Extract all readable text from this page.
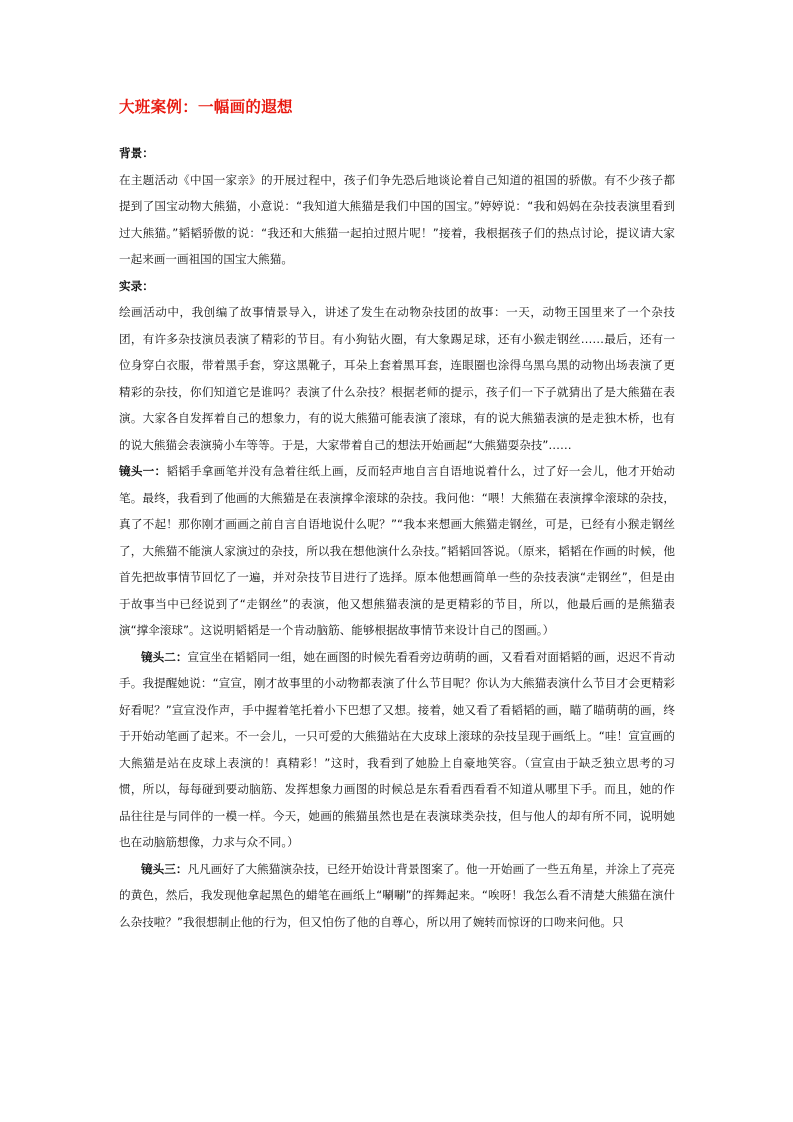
大班案例：一幅画的遐想

背景：

在主题活动《中国一家亲》的开展过程中，孩子们争先恐后地谈论着自己知道的祖国的骄傲。有不少孩子都提到了国宝动物大熊猫，小意说：“我知道大熊猫是我们中国的国宝。”婷婷说：“我和妈妈在杂技表演里看到过大熊猫。”韬韬骄傲的说：“我还和大熊猫一起拍过照片呢！”接着，我根据孩子们的热点讨论，提议请大家一起来画一画祖国的国宝大熊猫。

实录：

绘画活动中，我创编了故事情景导入，讲述了发生在动物杂技团的故事：一天，动物王国里来了一个杂技团，有许多杂技演员表演了精彩的节目。有小狗钻火圈，有大象踢足球，还有小猴走钢丝……最后，还有一位身穿白衣服，带着黑手套，穿这黑靴子，耳朵上套着黑耳套，连眼圈也涂得乌黑乌黑的动物出场表演了更精彩的杂技，你们知道它是谁吗？表演了什么杂技？根据老师的提示，孩子们一下子就猜出了是大熊猫在表演。大家各自发挥着自己的想象力，有的说大熊猫可能表演了滚球，有的说大熊猫表演的是走独木桥，也有的说大熊猫会表演骑小车等等。于是，大家带着自己的想法开始画起“大熊猫耍杂技”……

镜头一：韬韬手拿画笔并没有急着往纸上画，反而轻声地自言自语地说着什么，过了好一会儿，他才开始动笔。最终，我看到了他画的大熊猫是在表演撑伞滚球的杂技。我问他：“喂！大熊猫在表演撑伞滚球的杂技，真了不起！那你刚才画画之前自言自语地说什么呢？”“我本来想画大熊猫走钢丝，可是，已经有小猴走钢丝了，大熊猫不能演人家演过的杂技，所以我在想他演什么杂技。”韬韬回答说。（原来，韬韬在作画的时候，他首先把故事情节回忆了一遍，并对杂技节目进行了选择。原本他想画简单一些的杂技表演“走钢丝”，但是由于故事当中已经说到了“走钢丝”的表演，他又想熊猫表演的是更精彩的节目，所以，他最后画的是熊猫表演“撑伞滚球”。这说明韬韬是一个肯动脑筋、能够根据故事情节来设计自己的图画。）

镜头二：宣宣坐在韬韬同一组，她在画图的时候先看看旁边萌萌的画，又看看对面韬韬的画，迟迟不肯动手。我提醒她说：“宣宣，刚才故事里的小动物都表演了什么节目呢？你认为大熊猫表演什么节目才会更精彩好看呢？”宣宣没作声，手中握着笔托着小下巴想了又想。接着，她又看了看韬韬的画，瞄了瞄萌萌的画，终于开始动笔画了起来。不一会儿，一只可爱的大熊猫站在大皮球上滚球的杂技呈现于画纸上。“哇！宣宣画的大熊猫是站在皮球上表演的！真精彩！”这时，我看到了她脸上自豪地笑容。（宣宣由于缺乏独立思考的习惯，所以，每每碰到要动脑筋、发挥想象力画图的时候总是东看看西看看不知道从哪里下手。而且，她的作品往往是与同伴的一模一样。今天，她画的熊猫虽然也是在表演球类杂技，但与他人的却有所不同，说明她也在动脑筋想像，力求与众不同。）

镜头三：凡凡画好了大熊猫演杂技，已经开始设计背景图案了。他一开始画了一些五角星，并涂上了亮亮的黄色，然后，我发现他拿起黑色的蜡笔在画纸上“唰唰”的挥舞起来。“唉呀！我怎么看不清楚大熊猫在演什么杂技啦？”我很想制止他的行为，但又怕伤了他的自尊心，所以用了婉转而惊讶的口吻来问他。只
